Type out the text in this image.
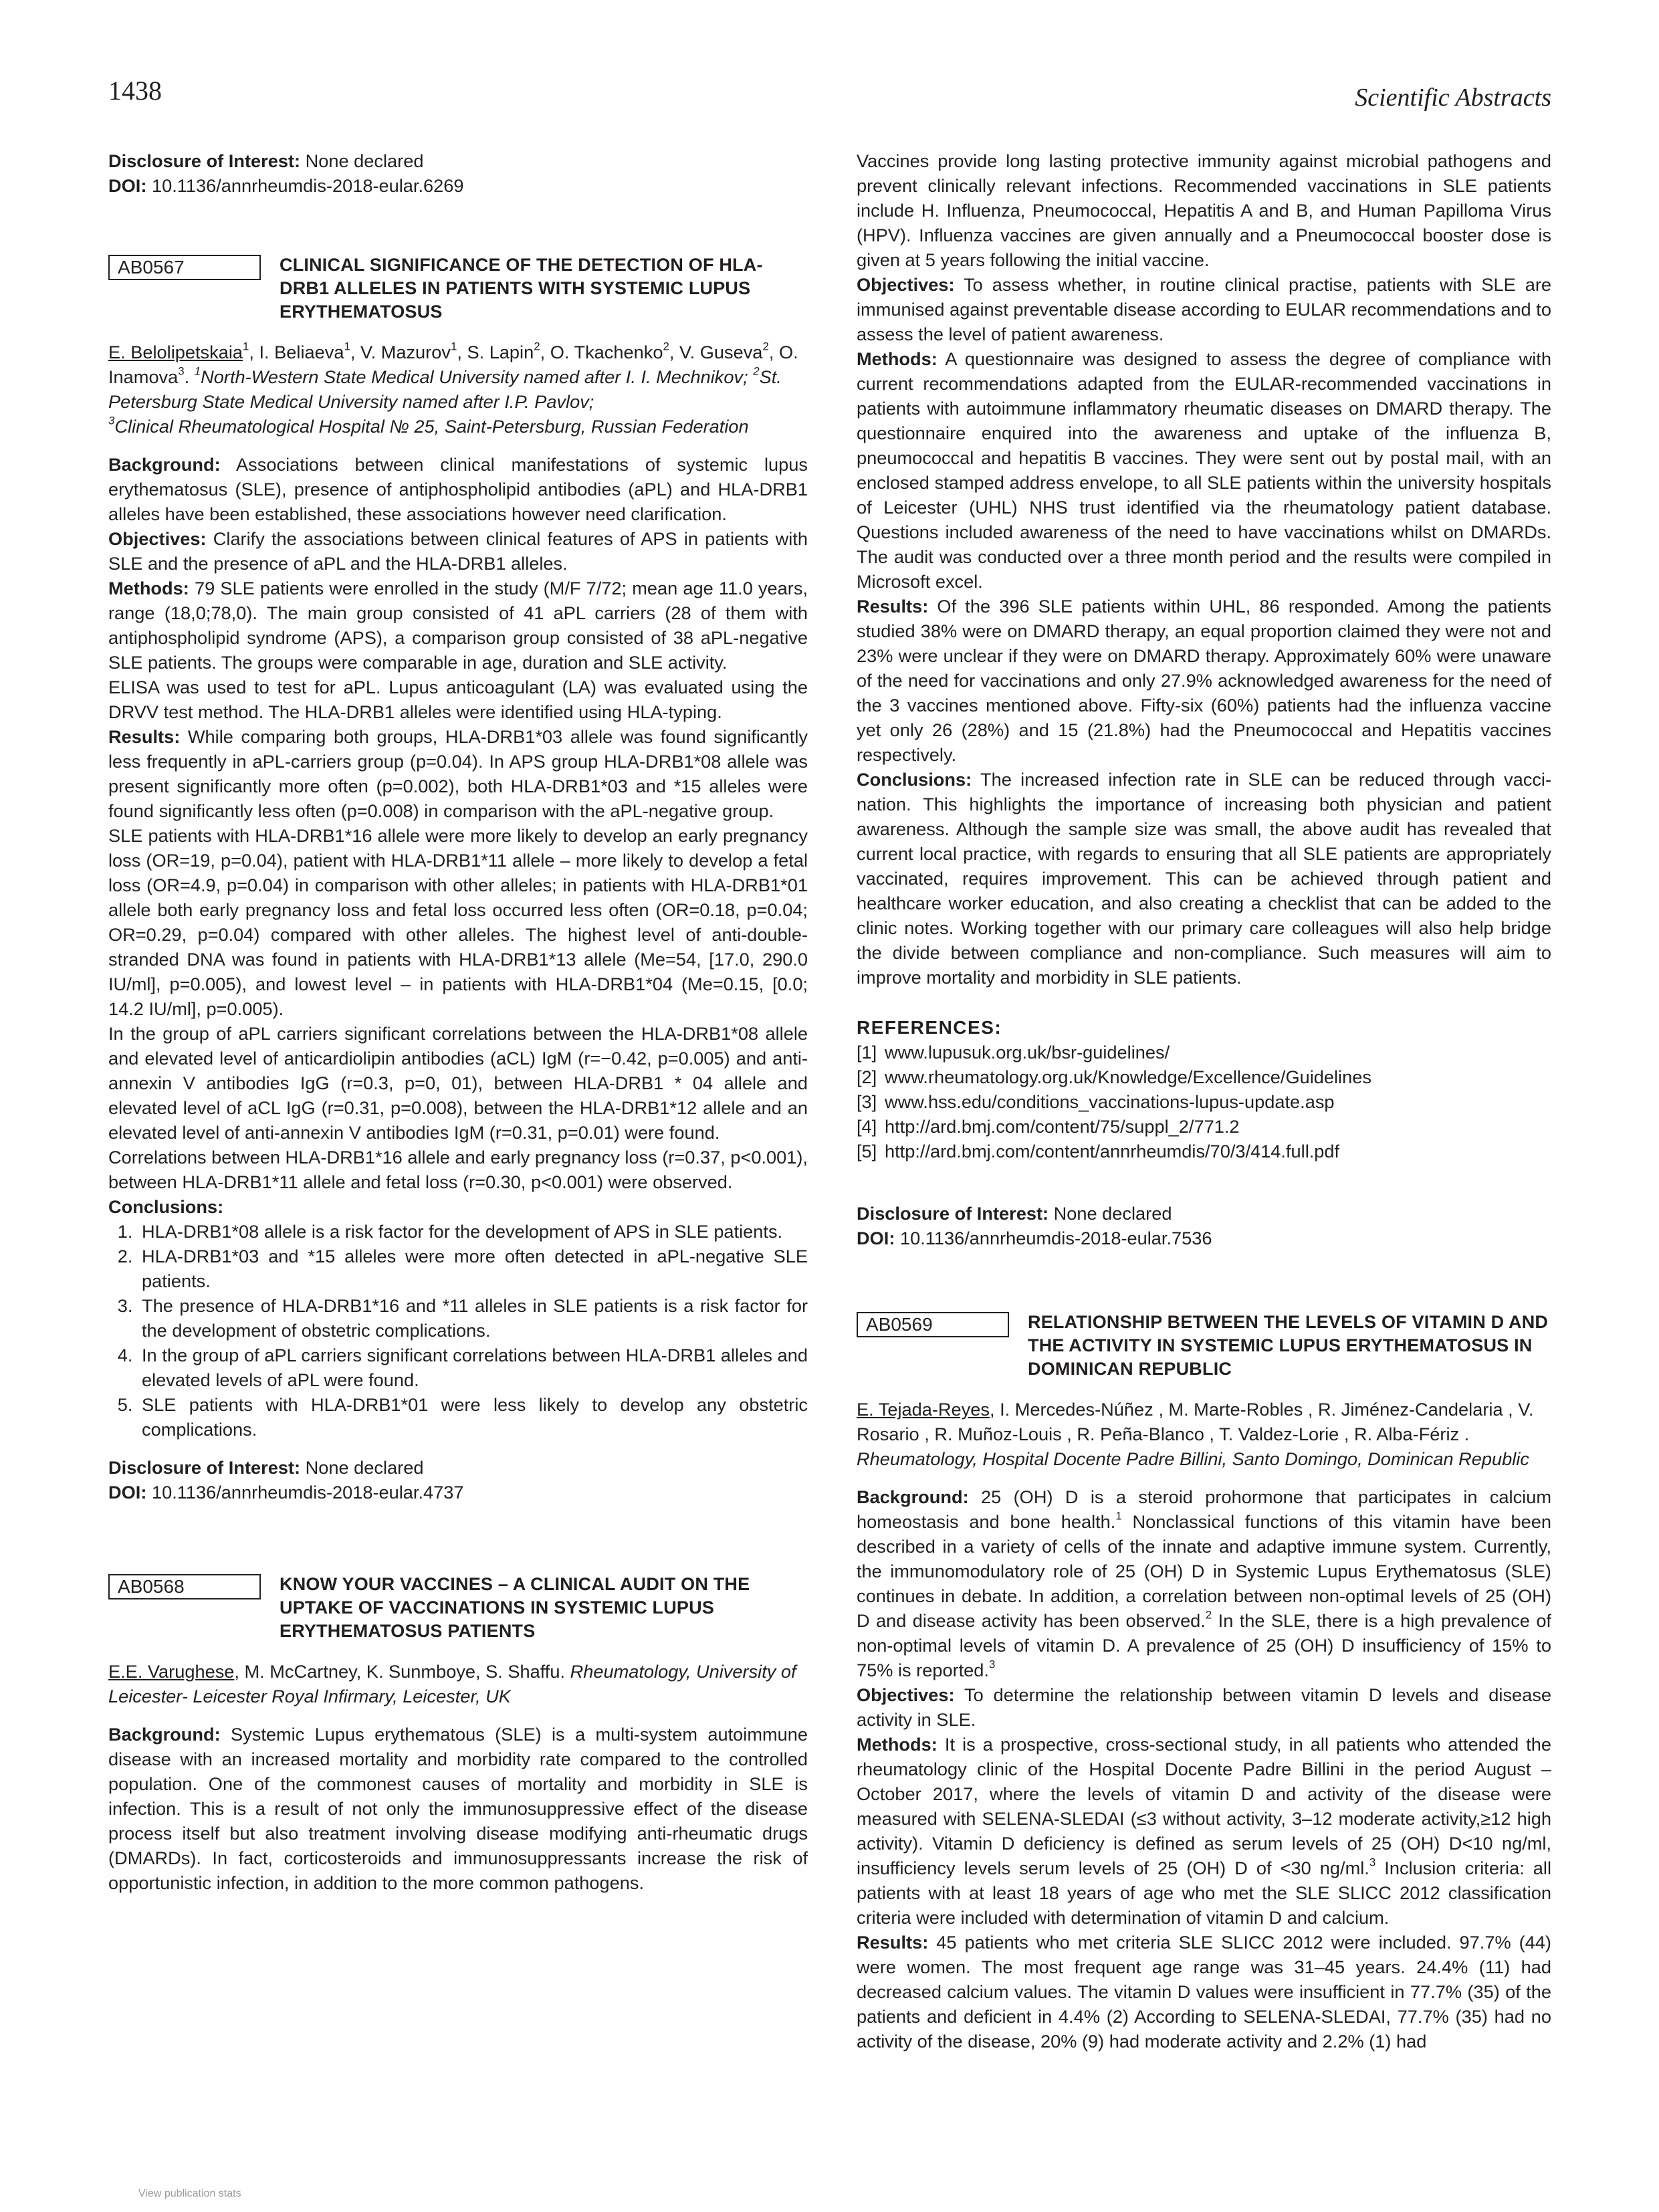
1438	Scientific Abstracts

Disclosure of Interest: None declared

DOI: 10.1136/annrheumdis-2018-eular.6269

AB0567	CLINICAL SIGNIFICANCE OF THE DETECTION OF HLA-DRB1 ALLELES IN PATIENTS WITH SYSTEMIC LUPUS ERYTHEMATOSUS

E. Belolipetskaia$^1$, I. Beliaeva$^1$, V. Mazurov$^1$, S. Lapin$^2$, O. Tkachenko$^2$, V. Guseva$^2$, O. Inamova$^3$. $^1$North-Western State Medical University named after I. I. Mechnikov; $^2$St. Petersburg State Medical University named after I.P. Pavlov;
$^3$Clinical Rheumatological Hospital № 25, Saint-Petersburg, Russian Federation

Background: Associations between clinical manifestations of systemic lupus erythematosus (SLE), presence of antiphospholipid antibodies (aPL) and HLA-DRB1 alleles have been established, these associations however need clarification.

Objectives: Clarify the associations between clinical features of APS in patients with SLE and the presence of aPL and the HLA-DRB1 alleles.

Methods: 79 SLE patients were enrolled in the study (M/F 7/72; mean age 11.0 years, range (18,0;78,0). The main group consisted of 41 aPL carriers (28 of them with antiphospholipid syndrome (APS), a comparison group consisted of 38 aPL-negative SLE patients. The groups were comparable in age, duration and SLE activity.

ELISA was used to test for aPL. Lupus anticoagulant (LA) was evaluated using the DRVV test method. The HLA-DRB1 alleles were identified using HLA-typing.

Results: While comparing both groups, HLA-DRB1*03 allele was found significantly less frequently in aPL-carriers group (p=0.04). In APS group HLA-DRB1*08 allele was present significantly more often (p=0.002), both HLA-DRB1*03 and *15 alleles were found significantly less often (p=0.008) in comparison with the aPL-negative group.

SLE patients with HLA-DRB1*16 allele were more likely to develop an early pregnancy loss (OR=19, p=0.04), patient with HLA-DRB1*11 allele – more likely to develop a fetal loss (OR=4.9, p=0.04) in comparison with other alleles; in patients with HLA-DRB1*01 allele both early pregnancy loss and fetal loss occurred less often (OR=0.18, p=0.04; OR=0.29, p=0.04) compared with other alleles. The highest level of anti-double-stranded DNA was found in patients with HLA-DRB1*13 allele (Me=54, [17.0, 290.0 IU/ml], p=0.005), and lowest level – in patients with HLA-DRB1*04 (Me=0.15, [0.0; 14.2 IU/ml], p=0.005).

In the group of aPL carriers significant correlations between the HLA-DRB1*08 allele and elevated level of anticardiolipin antibodies (aCL) IgM (r=−0.42, p=0.005) and anti-annexin V antibodies IgG (r=0.3, p=0, 01), between HLA-DRB1 * 04 allele and elevated level of aCL IgG (r=0.31, p=0.008), between the HLA-DRB1*12 allele and an elevated level of anti-annexin V antibodies IgM (r=0.31, p=0.01) were found.

Correlations between HLA-DRB1*16 allele and early pregnancy loss (r=0.37, p<0.001), between HLA-DRB1*11 allele and fetal loss (r=0.30, p<0.001) were observed.

Conclusions:

1. HLA-DRB1*08 allele is a risk factor for the development of APS in SLE patients.
2. HLA-DRB1*03 and *15 alleles were more often detected in aPL-negative SLE patients.
3. The presence of HLA-DRB1*16 and *11 alleles in SLE patients is a risk factor for the development of obstetric complications.
4. In the group of aPL carriers significant correlations between HLA-DRB1 alleles and elevated levels of aPL were found.
5. SLE patients with HLA-DRB1*01 were less likely to develop any obstetric complications.

Disclosure of Interest: None declared

DOI: 10.1136/annrheumdis-2018-eular.4737

AB0568	KNOW YOUR VACCINES – A CLINICAL AUDIT ON THE UPTAKE OF VACCINATIONS IN SYSTEMIC LUPUS ERYTHEMATOSUS PATIENTS

E.E. Varughese, M. McCartney, K. Sunmboye, S. Shaffu. Rheumatology, University of Leicester- Leicester Royal Infirmary, Leicester, UK

Background: Systemic Lupus erythematous (SLE) is a multi-system autoimmune disease with an increased mortality and morbidity rate compared to the controlled population. One of the commonest causes of mortality and morbidity in SLE is infection. This is a result of not only the immunosuppressive effect of the disease process itself but also treatment involving disease modifying anti-rheumatic drugs (DMARDs). In fact, corticosteroids and immunosuppressants increase the risk of opportunistic infection, in addition to the more common pathogens.

Vaccines provide long lasting protective immunity against microbial pathogens and prevent clinically relevant infections. Recommended vaccinations in SLE patients include H. Influenza, Pneumococcal, Hepatitis A and B, and Human Papilloma Virus (HPV). Influenza vaccines are given annually and a Pneumococcal booster dose is given at 5 years following the initial vaccine.

Objectives: To assess whether, in routine clinical practise, patients with SLE are immunised against preventable disease according to EULAR recommendations and to assess the level of patient awareness.

Methods: A questionnaire was designed to assess the degree of compliance with current recommendations adapted from the EULAR-recommended vaccinations in patients with autoimmune inflammatory rheumatic diseases on DMARD therapy. The questionnaire enquired into the awareness and uptake of the influenza B, pneumococcal and hepatitis B vaccines. They were sent out by postal mail, with an enclosed stamped address envelope, to all SLE patients within the university hospitals of Leicester (UHL) NHS trust identified via the rheumatology patient database. Questions included awareness of the need to have vaccinations whilst on DMARDs. The audit was conducted over a three month period and the results were compiled in Microsoft excel.

Results: Of the 396 SLE patients within UHL, 86 responded. Among the patients studied 38% were on DMARD therapy, an equal proportion claimed they were not and 23% were unclear if they were on DMARD therapy. Approximately 60% were unaware of the need for vaccinations and only 27.9% acknowledged awareness for the need of the 3 vaccines mentioned above. Fifty-six (60%) patients had the influenza vaccine yet only 26 (28%) and 15 (21.8%) had the Pneumococcal and Hepatitis vaccines respectively.

Conclusions: The increased infection rate in SLE can be reduced through vaccination. This highlights the importance of increasing both physician and patient awareness. Although the sample size was small, the above audit has revealed that current local practice, with regards to ensuring that all SLE patients are appropriately vaccinated, requires improvement. This can be achieved through patient and healthcare worker education, and also creating a checklist that can be added to the clinic notes. Working together with our primary care colleagues will also help bridge the divide between compliance and non-compliance. Such measures will aim to improve mortality and morbidity in SLE patients.

REFERENCES:

[1] www.lupusuk.org.uk/bsr-guidelines/
[2] www.rheumatology.org.uk/Knowledge/Excellence/Guidelines
[3] www.hss.edu/conditions_vaccinations-lupus-update.asp
[4] http://ard.bmj.com/content/75/suppl_2/771.2
[5] http://ard.bmj.com/content/annrheumdis/70/3/414.full.pdf

Disclosure of Interest: None declared

DOI: 10.1136/annrheumdis-2018-eular.7536

AB0569	RELATIONSHIP BETWEEN THE LEVELS OF VITAMIN D AND THE ACTIVITY IN SYSTEMIC LUPUS ERYTHEMATOSUS IN DOMINICAN REPUBLIC

E. Tejada-Reyes, I. Mercedes-Núñez , M. Marte-Robles , R. Jiménez-Candelaria , V. Rosario , R. Muñoz-Louis , R. Peña-Blanco , T. Valdez-Lorie , R. Alba-Fériz .
Rheumatology, Hospital Docente Padre Billini, Santo Domingo, Dominican Republic

Background: 25 (OH) D is a steroid prohormone that participates in calcium homeostasis and bone health.$^1$ Nonclassical functions of this vitamin have been described in a variety of cells of the innate and adaptive immune system. Currently, the immunomodulatory role of 25 (OH) D in Systemic Lupus Erythematosus (SLE) continues in debate. In addition, a correlation between non-optimal levels of 25 (OH) D and disease activity has been observed.$^2$ In the SLE, there is a high prevalence of non-optimal levels of vitamin D. A prevalence of 25 (OH) D insufficiency of 15% to 75% is reported.$^3$

Objectives: To determine the relationship between vitamin D levels and disease activity in SLE.

Methods: It is a prospective, cross-sectional study, in all patients who attended the rheumatology clinic of the Hospital Docente Padre Billini in the period August – October 2017, where the levels of vitamin D and activity of the disease were measured with SELENA-SLEDAI (≤3 without activity, 3–12 moderate activity,≥12 high activity). Vitamin D deficiency is defined as serum levels of 25 (OH) D<10 ng/ml, insufficiency levels serum levels of 25 (OH) D of <30 ng/ml.$^3$ Inclusion criteria: all patients with at least 18 years of age who met the SLE SLICC 2012 classification criteria were included with determination of vitamin D and calcium.

Results: 45 patients who met criteria SLE SLICC 2012 were included. 97.7% (44) were women. The most frequent age range was 31–45 years. 24.4% (11) had decreased calcium values. The vitamin D values were insufficient in 77.7% (35) of the patients and deficient in 4.4% (2) According to SELENA-SLEDAI, 77.7% (35) had no activity of the disease, 20% (9) had moderate activity and 2.2% (1) had

View publication stats
